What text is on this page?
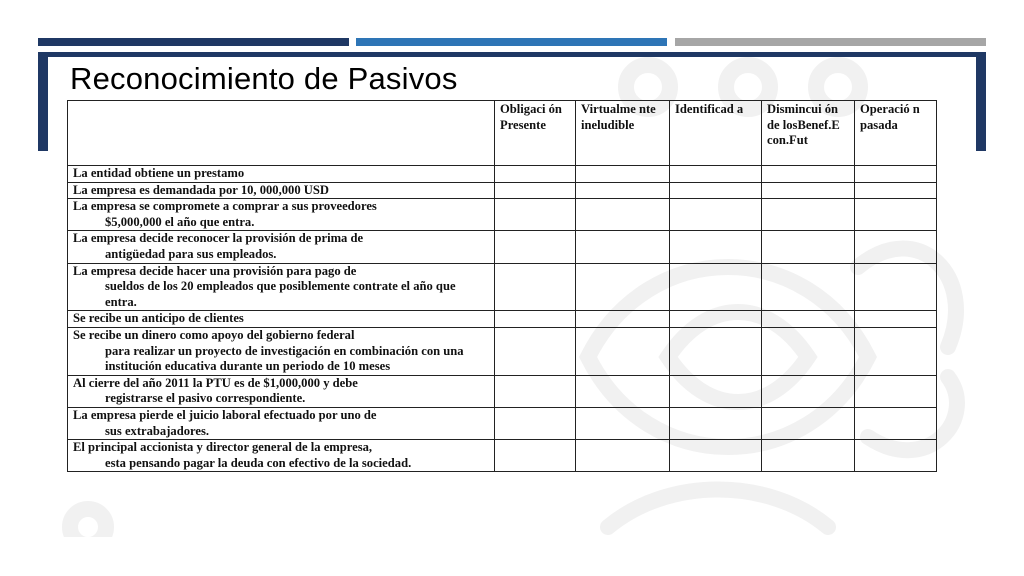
Reconocimiento de Pasivos
	Obligaci ón Presente	Virtualme nte ineludible	Identificad a	Dismincui ón de losBenef.E con.Fut	Operació n pasada
La entidad obtiene un prestamo					
La empresa es demandada por 10, 000,000 USD					
La empresa se compromete a comprar a sus proveedores
$5,000,000 el año que entra.					

La empresa decide reconocer la provisión de prima de
antigüedad para sus empleados.					

La empresa decide hacer una provisión para pago de
sueldos de los 20 empleados que posiblemente contrate el año que entra.					

Se recibe un anticipo de clientes					
Se recibe un dinero como apoyo del gobierno federal
para realizar un proyecto de investigación en combinación con una institución educativa durante un periodo de 10 meses					

Al cierre del año 2011 la PTU es de $1,000,000 y debe
registrarse el pasivo correspondiente.					

La empresa pierde el juicio laboral efectuado por uno de
sus extrabajadores.					

El principal accionista y director general de la empresa,
esta pensando pagar la deuda con efectivo de la sociedad.					
